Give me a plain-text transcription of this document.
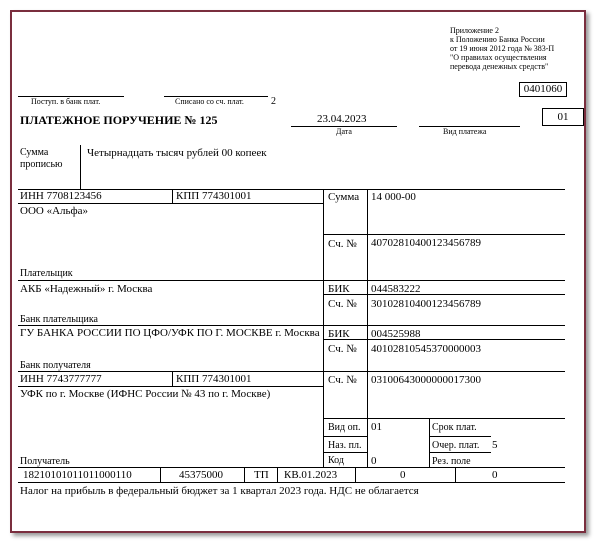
Приложение 2
к Положению Банка России
от 19 июня 2012 года № 383-П
"О правилах осуществления
перевода денежных средств"
0401060
Поступ. в банк плат.	Списано со сч. плат.	2
ПЛАТЕЖНОЕ ПОРУЧЕНИЕ № 125	23.04.2023
Дата	Вид платежа
01
Сумма
прописью
Четырнадцать тысяч рублей 00 копеек
ИНН 7708123456	КПП 774301001
ООО «Альфа»
Плательщик
Сумма 14 000-00
Сч. № 40702810400123456789
АКБ «Надежный» г. Москва
Банк плательщика
БИК 044583222
Сч. № 30102810400123456789
ГУ БАНКА РОССИИ ПО ЦФО/УФК ПО Г. МОСКВЕ г. Москва
Банк получателя
БИК 004525988
Сч. № 40102810545370000003
ИНН 7743777777	КПП 774301001
УФК по г. Москве (ИФНС России № 43 по г. Москве)
Получатель
Сч. № 03100643000000017300
Вид оп. 01
Наз. пл.
Код 0
Срок плат.
Очер. плат. 5
Рез. поле
18210101011011000110	45375000	ТП КВ.01.2023	0	0
Налог на прибыль в федеральный бюджет за 1 квартал 2023 года. НДС не облагается
